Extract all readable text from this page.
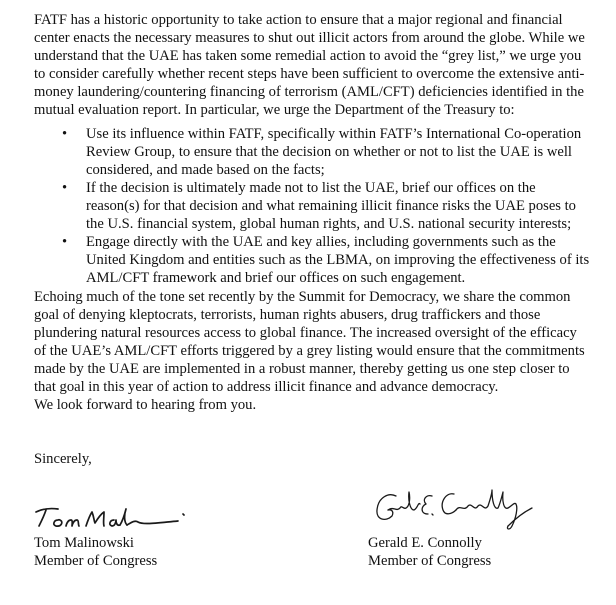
FATF has a historic opportunity to take action to ensure that a major regional and financial center enacts the necessary measures to shut out illicit actors from around the globe. While we understand that the UAE has taken some remedial action to avoid the “grey list,” we urge you to consider carefully whether recent steps have been sufficient to overcome the extensive anti-money laundering/countering financing of terrorism (AML/CFT) deficiencies identified in the mutual evaluation report. In particular, we urge the Department of the Treasury to:

• Use its influence within FATF, specifically within FATF’s International Co-operation Review Group, to ensure that the decision on whether or not to list the UAE is well considered, and made based on the facts;
• If the decision is ultimately made not to list the UAE, brief our offices on the reason(s) for that decision and what remaining illicit finance risks the UAE poses to the U.S. financial system, global human rights, and U.S. national security interests;
• Engage directly with the UAE and key allies, including governments such as the United Kingdom and entities such as the LBMA, on improving the effectiveness of its AML/CFT framework and brief our offices on such engagement.

Echoing much of the tone set recently by the Summit for Democracy, we share the common goal of denying kleptocrats, terrorists, human rights abusers, drug traffickers and those plundering natural resources access to global finance. The increased oversight of the efficacy of the UAE’s AML/CFT efforts triggered by a grey listing would ensure that the commitments made by the UAE are implemented in a robust manner, thereby getting us one step closer to that goal in this year of action to address illicit finance and advance democracy.

We look forward to hearing from you.

Sincerely,

Tom Malinowski
Member of Congress
Gerald E. Connolly
Member of Congress
